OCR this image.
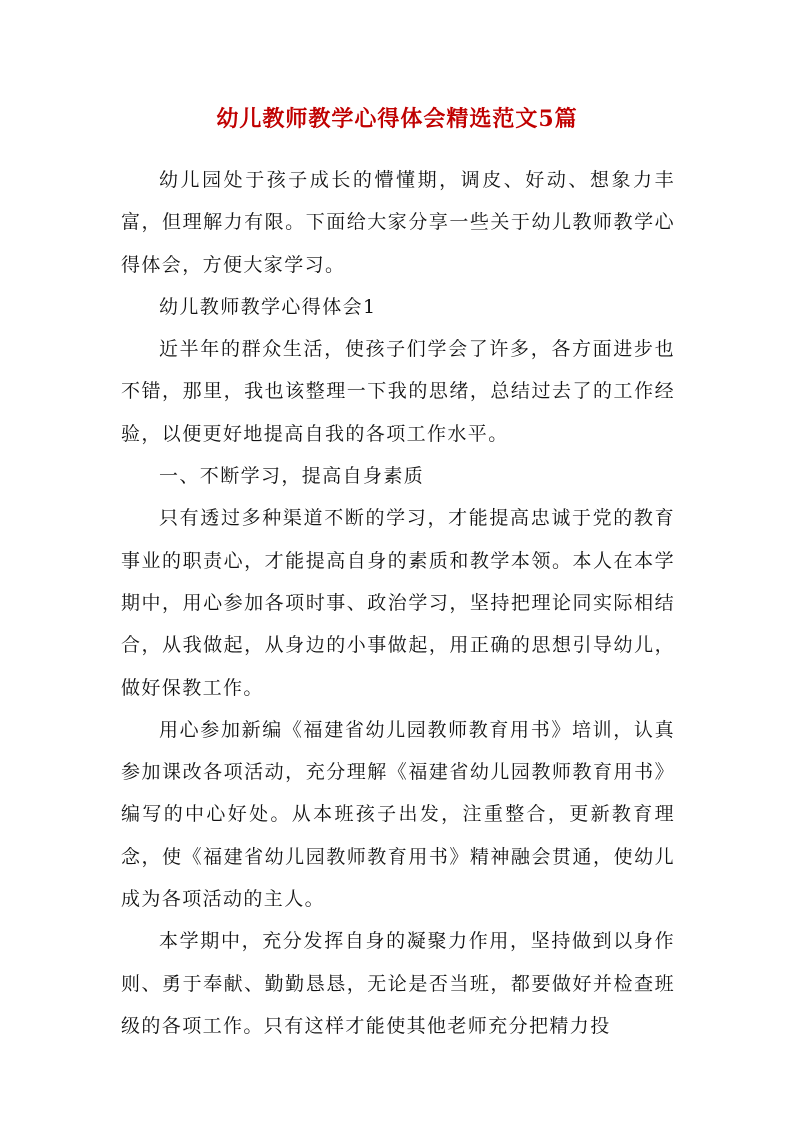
幼儿教师教学心得体会精选范文5篇

幼儿园处于孩子成长的懵懂期，调皮、好动、想象力丰富，但理解力有限。下面给大家分享一些关于幼儿教师教学心得体会，方便大家学习。

幼儿教师教学心得体会1

近半年的群众生活，使孩子们学会了许多，各方面进步也不错，那里，我也该整理一下我的思绪，总结过去了的工作经验，以便更好地提高自我的各项工作水平。

一、不断学习，提高自身素质

只有透过多种渠道不断的学习，才能提高忠诚于党的教育事业的职责心，才能提高自身的素质和教学本领。本人在本学期中，用心参加各项时事、政治学习，坚持把理论同实际相结合，从我做起，从身边的小事做起，用正确的思想引导幼儿，做好保教工作。

用心参加新编《福建省幼儿园教师教育用书》培训，认真参加课改各项活动，充分理解《福建省幼儿园教师教育用书》编写的中心好处。从本班孩子出发，注重整合，更新教育理念，使《福建省幼儿园教师教育用书》精神融会贯通，使幼儿成为各项活动的主人。

本学期中，充分发挥自身的凝聚力作用，坚持做到以身作则、勇于奉献、勤勤恳恳，无论是否当班，都要做好并检查班级的各项工作。只有这样才能使其他老师充分把精力投
